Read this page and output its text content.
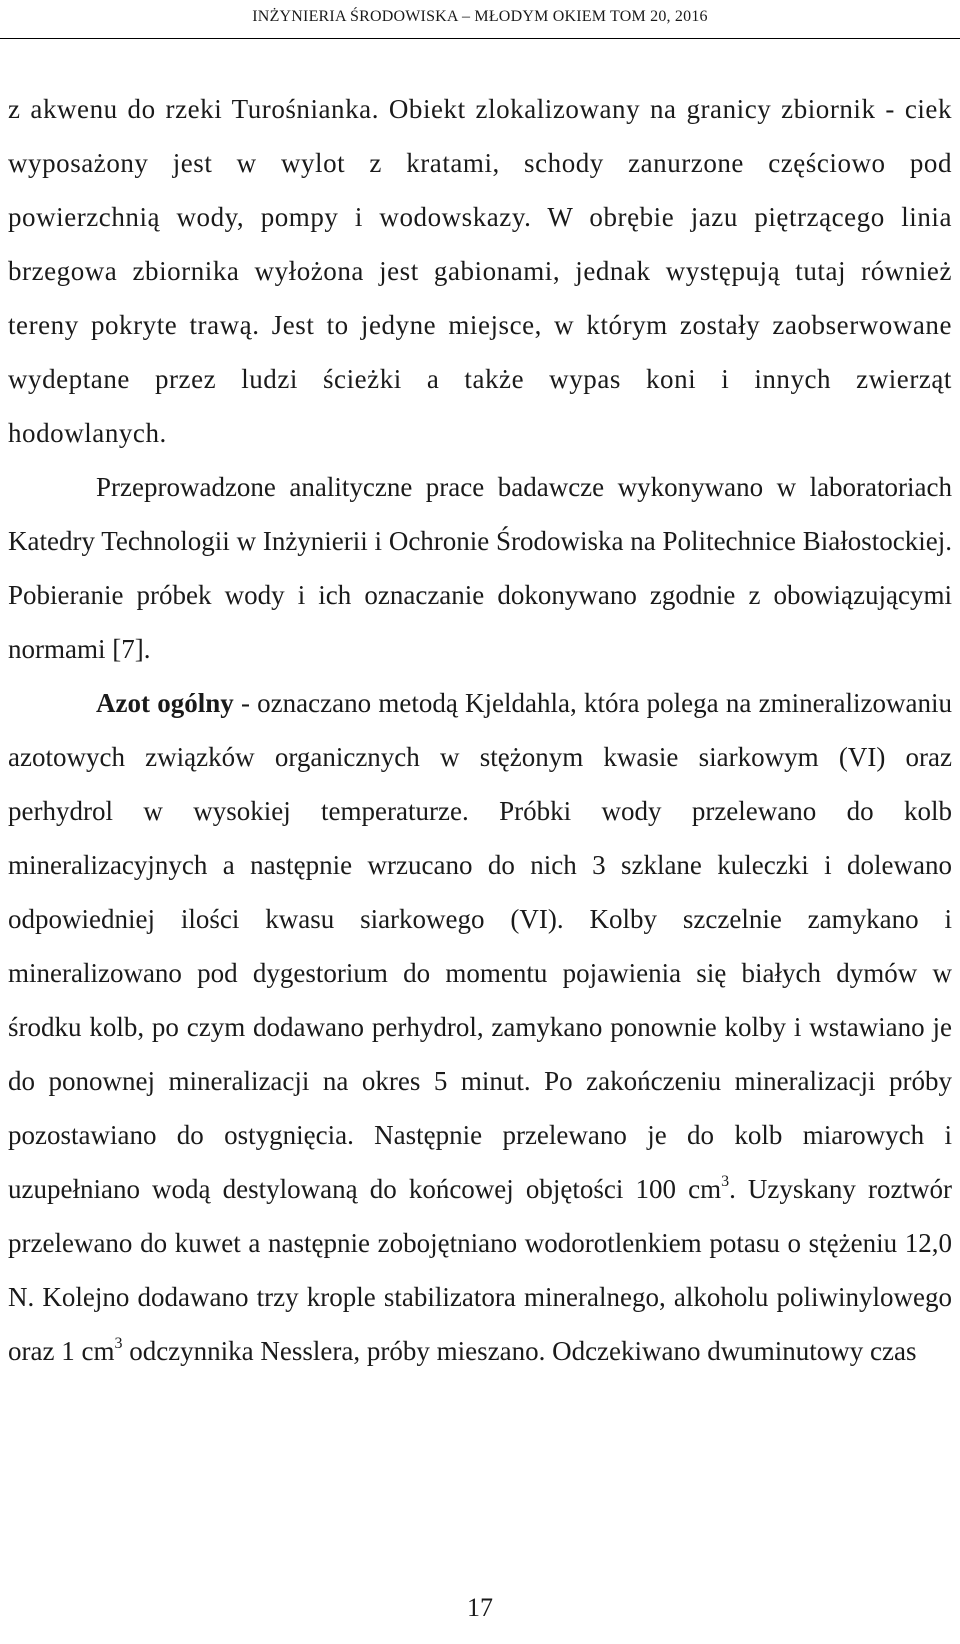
INŻYNIERIA ŚRODOWISKA – MŁODYM OKIEM TOM 20, 2016

z akwenu do rzeki Turośnianka. Obiekt zlokalizowany na granicy zbiornik - ciek wyposażony jest w wylot z kratami, schody zanurzone częściowo pod powierzchnią wody, pompy i wodowskazy. W obrębie jazu piętrzącego linia brzegowa zbiornika wyłożona jest gabionami, jednak występują tutaj również tereny pokryte trawą. Jest to jedyne miejsce, w którym zostały zaobserwowane wydeptane przez ludzi ścieżki a także wypas koni i innych zwierząt hodowlanych.

Przeprowadzone analityczne prace badawcze wykonywano w laboratoriach Katedry Technologii w Inżynierii i Ochronie Środowiska na Politechnice Białostockiej. Pobieranie próbek wody i ich oznaczanie dokonywano zgodnie z obowiązującymi normami [7].

Azot ogólny - oznaczano metodą Kjeldahla, która polega na zmineralizowaniu azotowych związków organicznych w stężonym kwasie siarkowym (VI) oraz perhydrol w wysokiej temperaturze. Próbki wody przelewano do kolb mineralizacyjnych a następnie wrzucano do nich 3 szklane kuleczki i dolewano odpowiedniej ilości kwasu siarkowego (VI). Kolby szczelnie zamykano i mineralizowano pod dygestorium do momentu pojawienia się białych dymów w środku kolb, po czym dodawano perhydrol, zamykano ponownie kolby i wstawiano je do ponownej mineralizacji na okres 5 minut. Po zakończeniu mineralizacji próby pozostawiano do ostygnięcia. Następnie przelewano je do kolb miarowych i uzupełniano wodą destylowaną do końcowej objętości 100 $cm^3$. Uzyskany roztwór przelewano do kuwet a następnie zobojętniano wodorotlenkiem potasu o stężeniu 12,0 N. Kolejno dodawano trzy krople stabilizatora mineralnego, alkoholu poliwinylowego oraz 1 $cm^3$ odczynnika Nesslera, próby mieszano. Odczekiwano dwuminutowy czas

17
